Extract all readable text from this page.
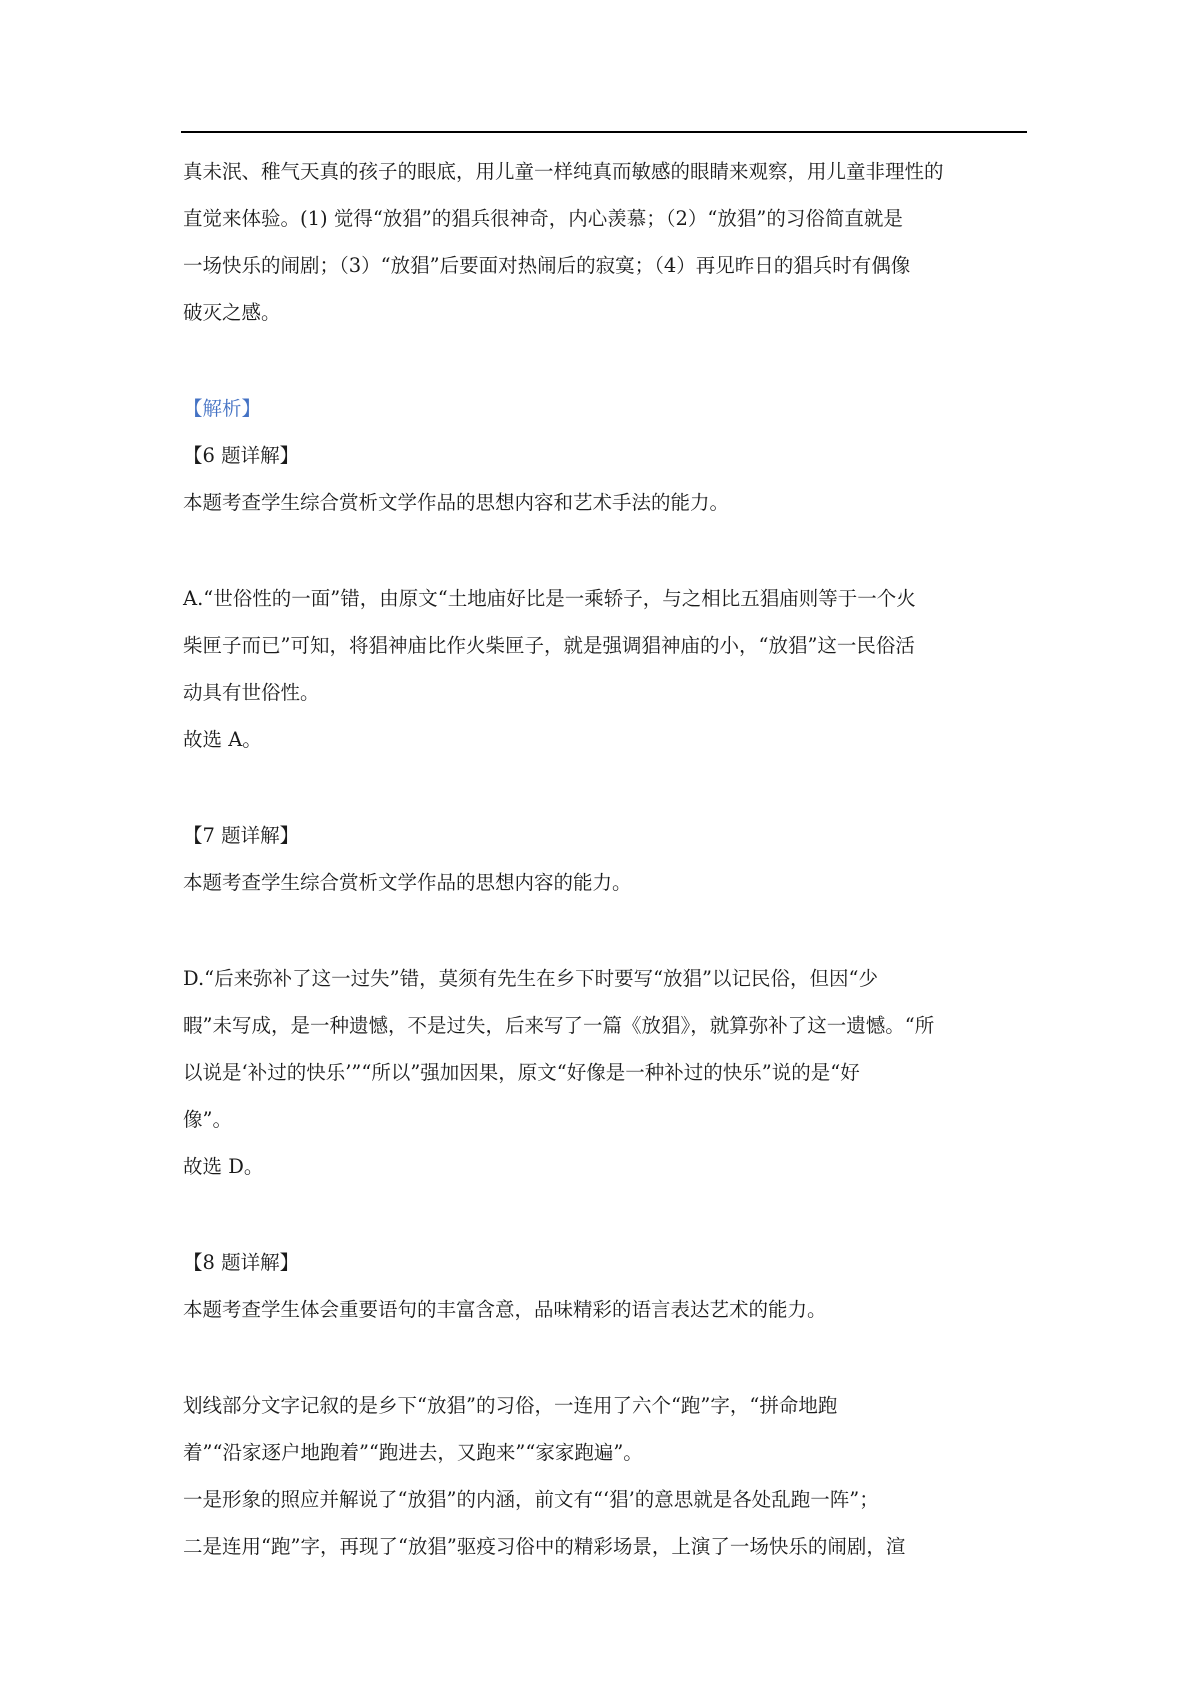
真未泯、稚气天真的孩子的眼底，用儿童一样纯真而敏感的眼睛来观察，用儿童非理性的
直觉来体验。(1) 觉得“放猖”的猖兵很神奇，内心羡慕；（2）“放猖”的习俗简直就是
一场快乐的闹剧；（3）“放猖”后要面对热闹后的寂寞；（4）再见昨日的猖兵时有偶像
破灭之感。
【解析】
【6 题详解】
本题考查学生综合赏析文学作品的思想内容和艺术手法的能力。
A.“世俗性的一面”错，由原文“土地庙好比是一乘轿子，与之相比五猖庙则等于一个火
柴匣子而已”可知，将猖神庙比作火柴匣子，就是强调猖神庙的小，“放猖”这一民俗活
动具有世俗性。
故选 A。
【7 题详解】
本题考查学生综合赏析文学作品的思想内容的能力。
D.“后来弥补了这一过失”错，莫须有先生在乡下时要写“放猖”以记民俗，但因“少
暇”未写成，是一种遗憾，不是过失，后来写了一篇《放猖》，就算弥补了这一遗憾。“所
以说是‘补过的快乐’”“所以”强加因果，原文“好像是一种补过的快乐”说的是“好
像”。
故选 D。
【8 题详解】
本题考查学生体会重要语句的丰富含意，品味精彩的语言表达艺术的能力。
划线部分文字记叙的是乡下“放猖”的习俗，一连用了六个“跑”字，“拼命地跑
着”“沿家逐户地跑着”“跑进去，又跑来”“家家跑遍”。
一是形象的照应并解说了“放猖”的内涵，前文有“‘猖’的意思就是各处乱跑一阵”；
二是连用“跑”字，再现了“放猖”驱疫习俗中的精彩场景，上演了一场快乐的闹剧，渲
